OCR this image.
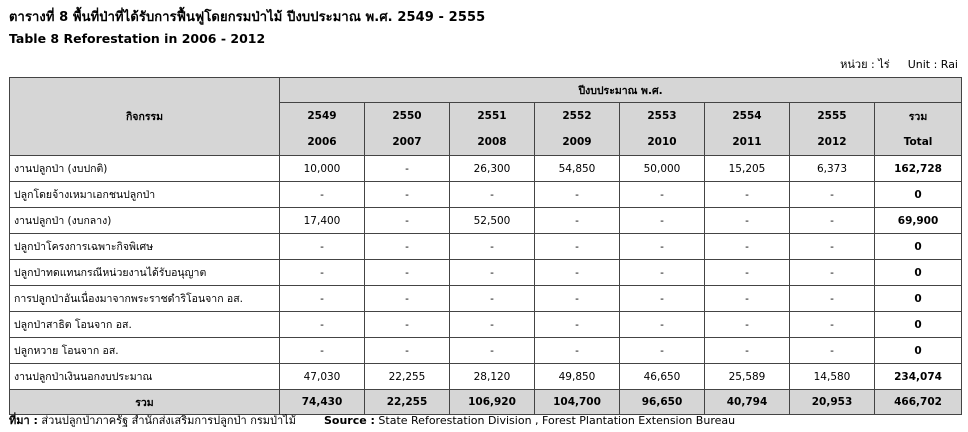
ตารางที่ 8 พื้นที่ป่าที่ได้รับการฟื้นฟูโดยกรมป่าไม้ ปีงบประมาณ พ.ศ. 2549 - 2555
Table 8 Reforestation in 2006 - 2012
หน่วย : ไร่ Unit : Rai
กิจกรรม	ปีงบประมาณ พ.ศ.							
	2549	2550	2551	2552	2553	2554	2555	รวม
	2006	2007	2008	2009	2010	2011	2012	Total
งานปลูกป่า (งบปกติ)	10,000	-	26,300	54,850	50,000	15,205	6,373	162,728
ปลูกโดยจ้างเหมาเอกชนปลูกป่า	-	-	-	-	-	-	-	0
งานปลูกป่า (งบกลาง)	17,400	-	52,500	-	-	-	-	69,900
ปลูกป่าโครงการเฉพาะกิจพิเศษ	-	-	-	-	-	-	-	0
ปลูกป่าทดแทนกรณีหน่วยงานได้รับอนุญาต	-	-	-	-	-	-	-	0
การปลูกป่าอันเนื่องมาจากพระราชดำริโอนจาก อส.	-	-	-	-	-	-	-	0
ปลูกป่าสาธิต โอนจาก อส.	-	-	-	-	-	-	-	0
ปลูกหวาย โอนจาก อส.	-	-	-	-	-	-	-	0
งานปลูกป่าเงินนอกงบประมาณ	47,030	22,255	28,120	49,850	46,650	25,589	14,580	234,074
รวม	74,430	22,255	106,920	104,700	96,650	40,794	20,953	466,702
ที่มา : ส่วนปลูกป่าภาครัฐ สำนักส่งเสริมการปลูกป่า กรมป่าไม้	Source : State Reforestation Division , Forest Plantation Extension Bureau
